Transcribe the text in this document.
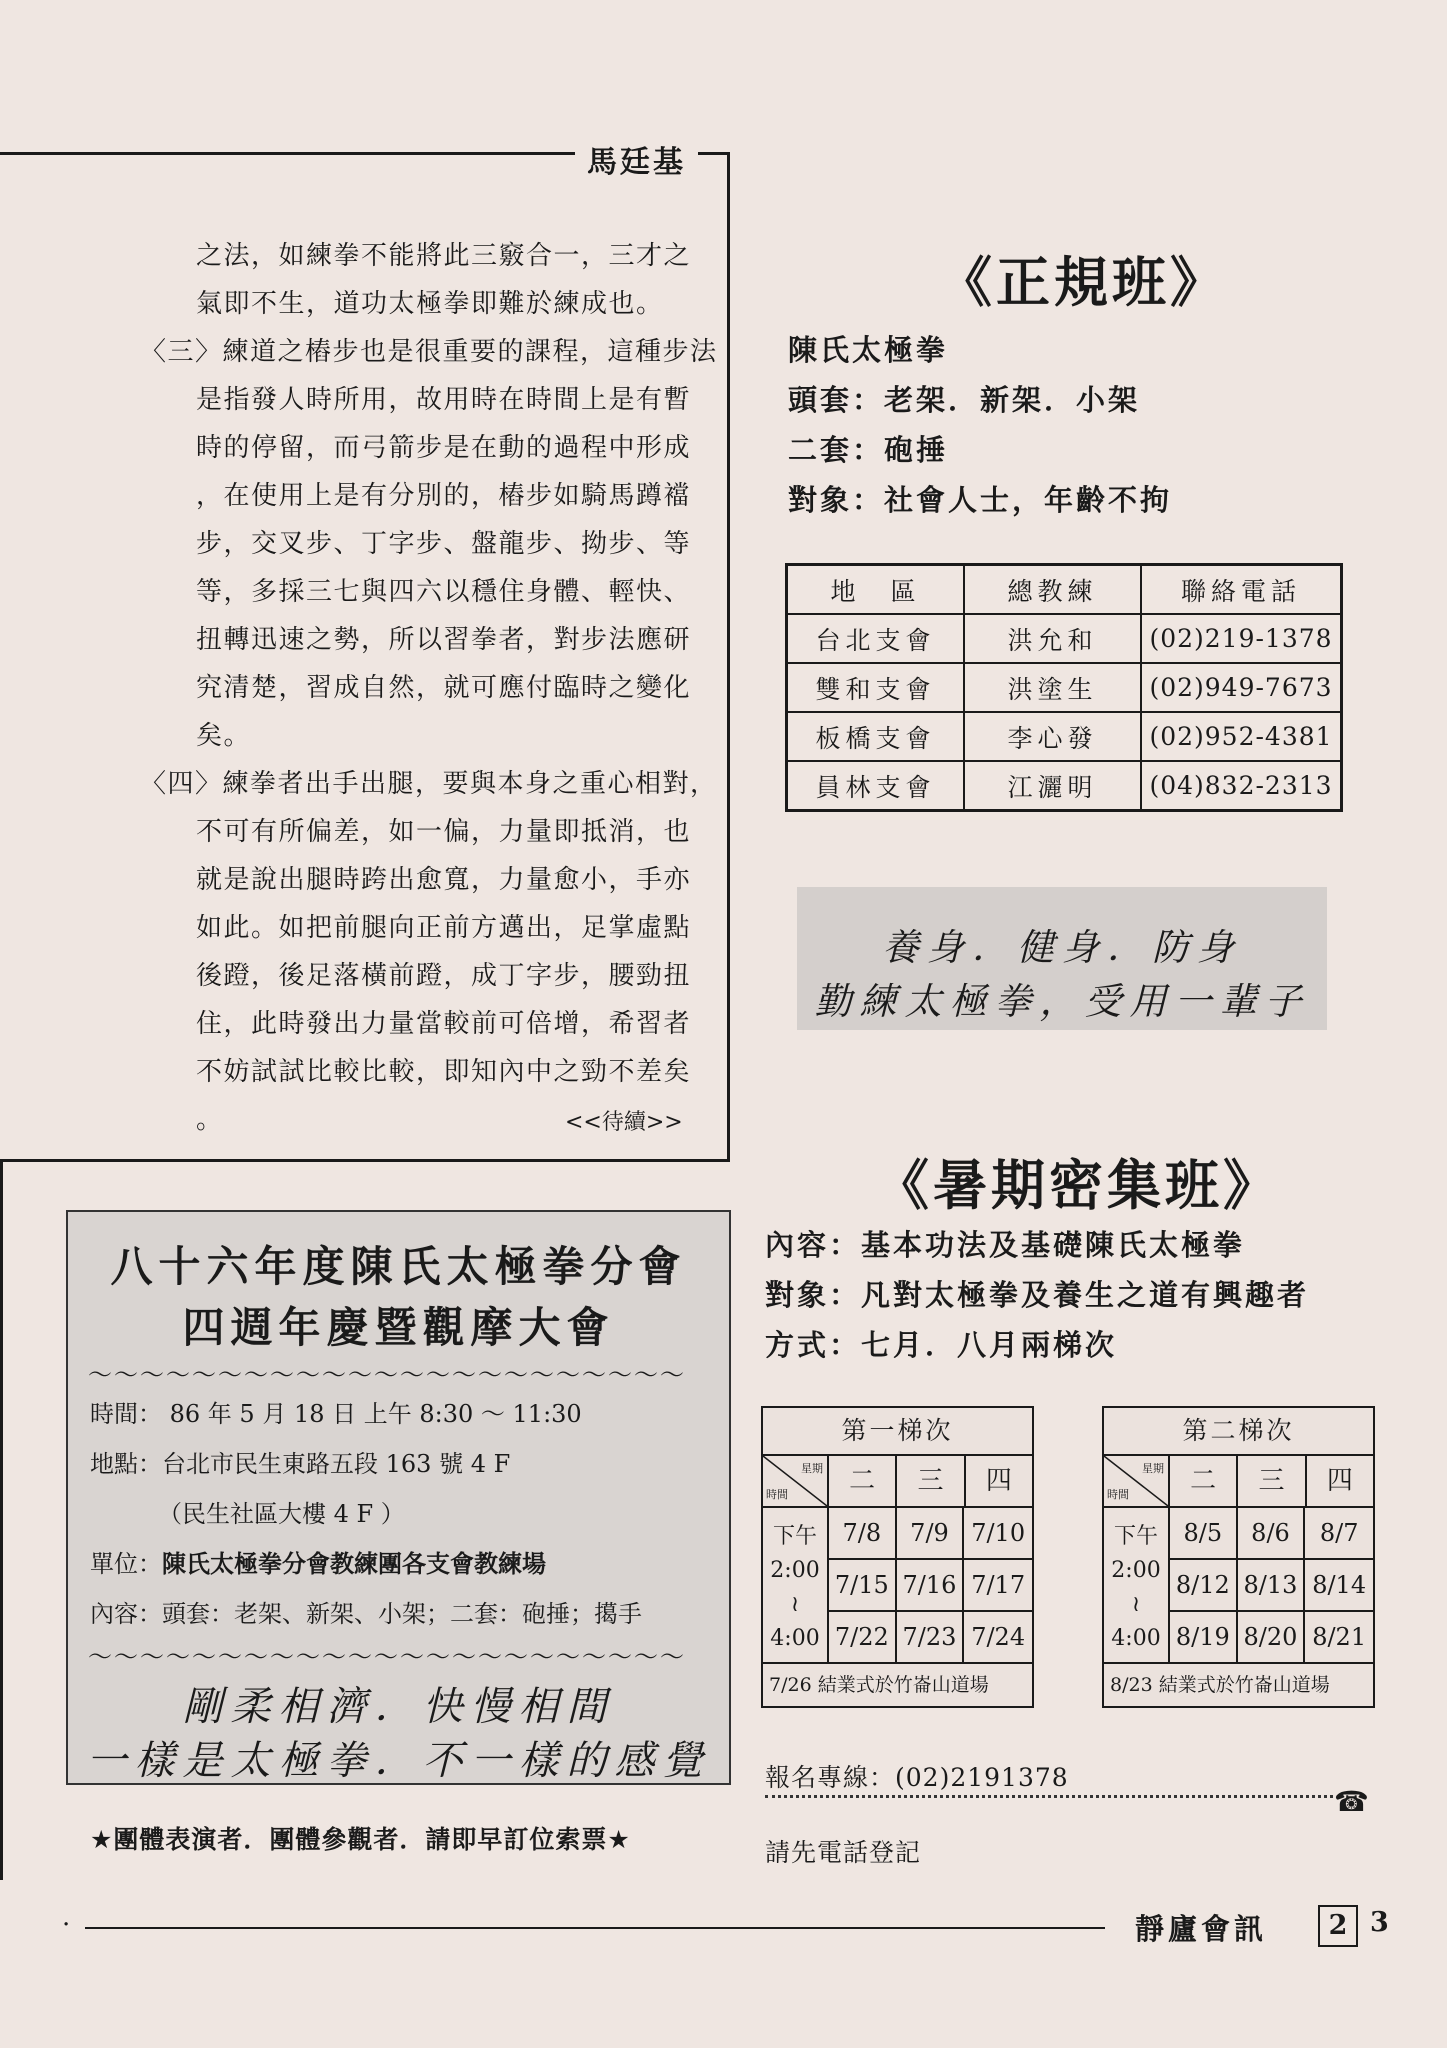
馬廷基
之法，如練拳不能將此三竅合一，三才之
氣即不生，道功太極拳即難於練成也。
〈三〉練道之樁步也是很重要的課程，這種步法
是指發人時所用，故用時在時間上是有暫
時的停留，而弓箭步是在動的過程中形成
，在使用上是有分別的，樁步如騎馬蹲襠
步，交叉步、丁字步、盤龍步、拗步、等
等，多採三七與四六以穩住身體、輕快、
扭轉迅速之勢，所以習拳者，對步法應研
究清楚，習成自然，就可應付臨時之變化
矣。
〈四〉練拳者出手出腿，要與本身之重心相對，
不可有所偏差，如一偏，力量即抵消，也
就是說出腿時跨出愈寬，力量愈小，手亦
如此。如把前腿向正前方邁出，足掌虛點
後蹬，後足落橫前蹬，成丁字步，腰勁扭
住，此時發出力量當較前可倍增，希習者
不妨試試比較比較，即知內中之勁不差矣
。	<<待續>>
八十六年度陳氏太極拳分會
四週年慶暨觀摩大會
～～～～～～～～～～～～～～～～～～～～～～～
時間： 86 年 5 月 18 日 上午 8:30 ～ 11:30
地點：台北市民生東路五段 163 號 4 F
（民生社區大樓 4 F ）
單位：陳氏太極拳分會教練團各支會教練場
內容：頭套：老架、新架、小架；二套：砲捶；擖手
～～～～～～～～～～～～～～～～～～～～～～～
剛柔相濟．快慢相間
一樣是太極拳．不一樣的感覺
★團體表演者．團體參觀者．請即早訂位索票★
《正規班》
陳氏太極拳
頭套：老架．新架．小架
二套：砲捶
對象：社會人士，年齡不拘
地　區	總教練	聯絡電話
台北支會	洪允和	(02)219-1378
雙和支會	洪塗生	(02)949-7673
板橋支會	李心發	(02)952-4381
員林支會	江灑明	(04)832-2313
養身．健身．防身
勤練太極拳，受用一輩子
《暑期密集班》
內容：基本功法及基礎陳氏太極拳
對象：凡對太極拳及養生之道有興趣者
方式：七月．八月兩梯次
第一梯次
星期
時間	二	三	四
下午
2:00
≀
4:00
7/8	7/9 7/10
7/15 7/16 7/17
7/22 7/23 7/24
7/26 結業式於竹崙山道場
第二梯次
星期
時間	二	三	四
下午
2:00
≀
4:00
8/5	8/6	8/7
8/12 8/13 8/14
8/19 8/20 8/21
8/23 結業式於竹崙山道場
報名專線：(02)2191378
☎
請先電話登記
·	靜廬會訊	2 3
